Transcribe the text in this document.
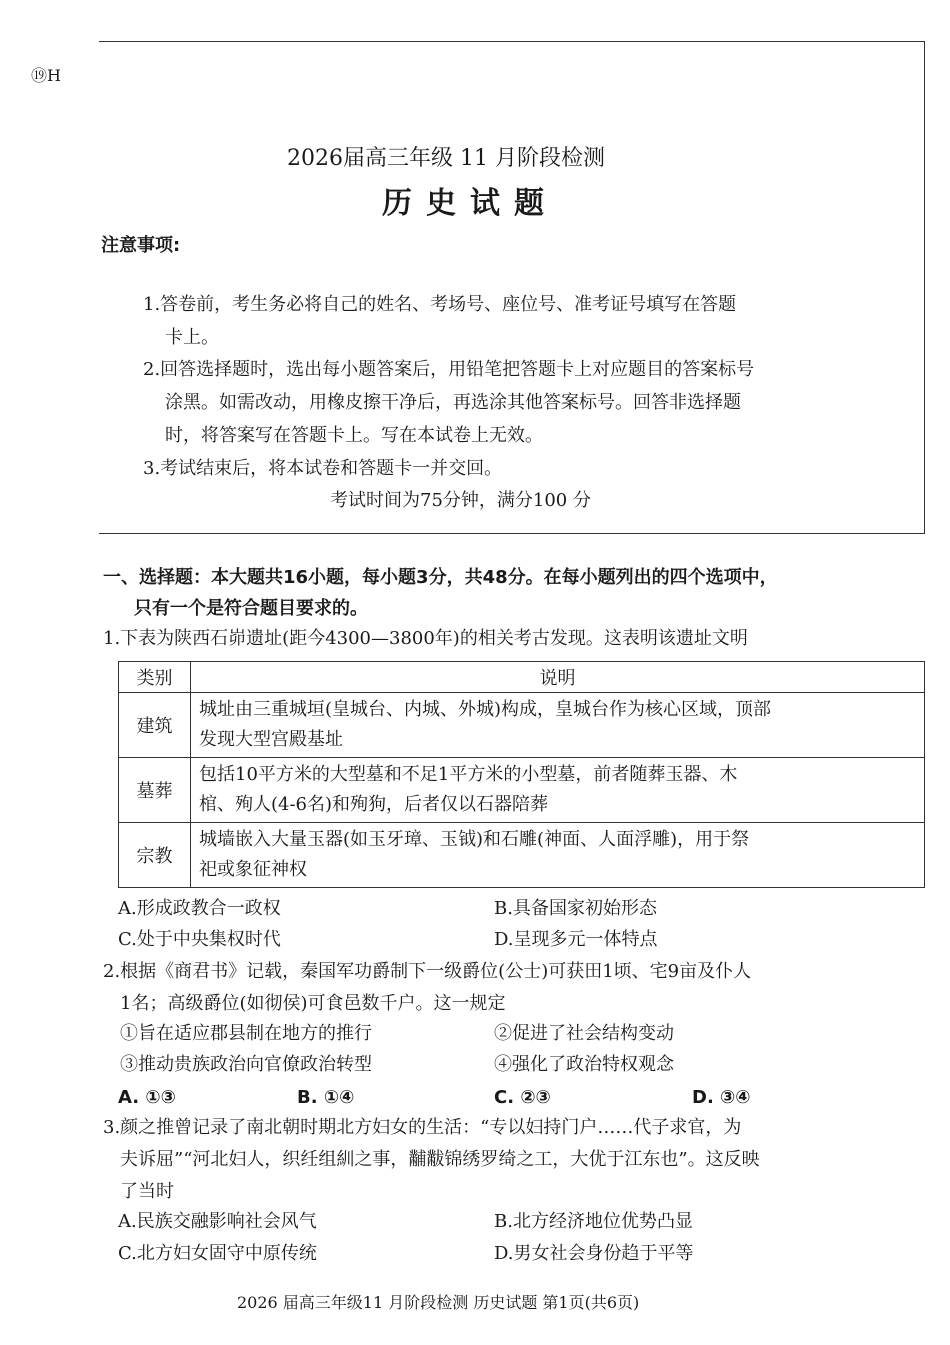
⑲H
2026届高三年级 11 月阶段检测
历史试题
注意事项:
1.答卷前，考生务必将自己的姓名、考场号、座位号、准考证号填写在答题
卡上。
2.回答选择题时，选出每小题答案后，用铅笔把答题卡上对应题目的答案标号
涂黑。如需改动，用橡皮擦干净后，再选涂其他答案标号。回答非选择题
时，将答案写在答题卡上。写在本试卷上无效。
3.考试结束后，将本试卷和答题卡一并交回。
考试时间为75分钟，满分100 分
一、选择题：本大题共16小题，每小题3分，共48分。在每小题列出的四个选项中，
只有一个是符合题目要求的。
1.下表为陕西石峁遗址(距今4300—3800年)的相关考古发现。这表明该遗址文明
类别	说明
建筑	城址由三重城垣(皇城台、内城、外城)构成，皇城台作为核心区域，顶部
发现大型宫殿基址

墓葬	包括10平方米的大型墓和不足1平方米的小型墓，前者随葬玉器、木
棺、殉人(4-6名)和殉狗，后者仅以石器陪葬

宗教	城墙嵌入大量玉器(如玉牙璋、玉钺)和石雕(神面、人面浮雕)，用于祭
祀或象征神权
A.形成政教合一政权	B.具备国家初始形态
C.处于中央集权时代	D.呈现多元一体特点
2.根据《商君书》记载，秦国军功爵制下一级爵位(公士)可获田1顷、宅9亩及仆人
1名；高级爵位(如彻侯)可食邑数千户。这一规定
①旨在适应郡县制在地方的推行	②促进了社会结构变动
③推动贵族政治向官僚政治转型	④强化了政治特权观念
A. ①③	B. ①④	C. ②③	D. ③④
3.颜之推曾记录了南北朝时期北方妇女的生活：“专以妇持门户……代子求官，为
夫诉屈”“河北妇人，织纴组紃之事，黼黻锦绣罗绮之工，大优于江东也”。这反映
了当时
A.民族交融影响社会风气	B.北方经济地位优势凸显
C.北方妇女固守中原传统	D.男女社会身份趋于平等
2026 届高三年级11 月阶段检测 历史试题 第1页(共6页)
